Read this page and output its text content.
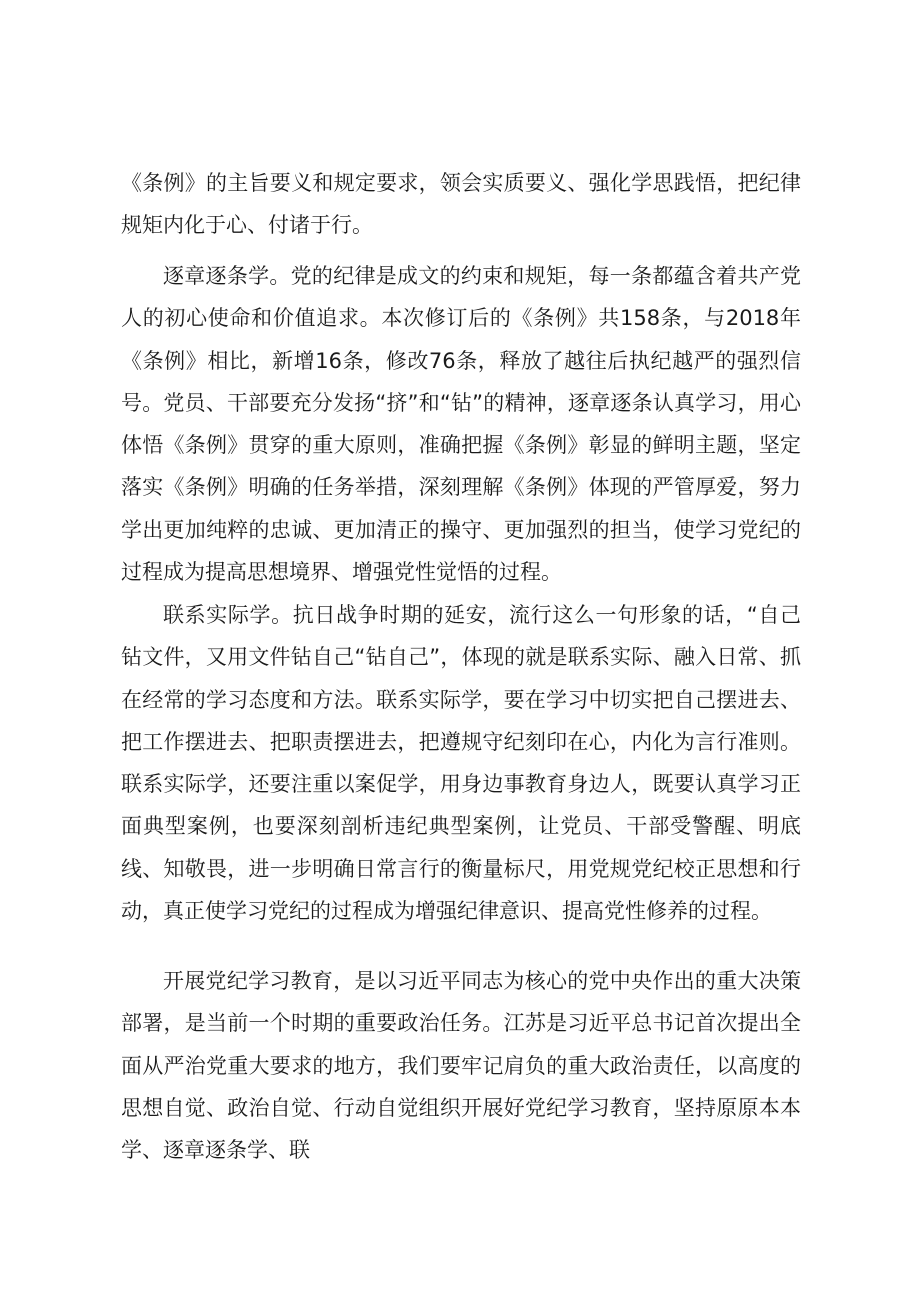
《条例》的主旨要义和规定要求，领会实质要义、强化学思践悟，把纪律规矩内化于心、付诸于行。

逐章逐条学。党的纪律是成文的约束和规矩，每一条都蕴含着共产党人的初心使命和价值追求。本次修订后的《条例》共158条，与2018年《条例》相比，新增16条，修改76条，释放了越往后执纪越严的强烈信号。党员、干部要充分发扬“挤”和“钻”的精神，逐章逐条认真学习，用心体悟《条例》贯穿的重大原则，准确把握《条例》彰显的鲜明主题，坚定落实《条例》明确的任务举措，深刻理解《条例》体现的严管厚爱，努力学出更加纯粹的忠诚、更加清正的操守、更加强烈的担当，使学习党纪的过程成为提高思想境界、增强党性觉悟的过程。

联系实际学。抗日战争时期的延安，流行这么一句形象的话，“自己钻文件，又用文件钻自己“钻自己”，体现的就是联系实际、融入日常、抓在经常的学习态度和方法。联系实际学，要在学习中切实把自己摆进去、把工作摆进去、把职责摆进去，把遵规守纪刻印在心，内化为言行准则。联系实际学，还要注重以案促学，用身边事教育身边人，既要认真学习正面典型案例，也要深刻剖析违纪典型案例，让党员、干部受警醒、明底线、知敬畏，进一步明确日常言行的衡量标尺，用党规党纪校正思想和行动，真正使学习党纪的过程成为增强纪律意识、提高党性修养的过程。

开展党纪学习教育，是以习近平同志为核心的党中央作出的重大决策部署，是当前一个时期的重要政治任务。江苏是习近平总书记首次提出全面从严治党重大要求的地方，我们要牢记肩负的重大政治责任，以高度的思想自觉、政治自觉、行动自觉组织开展好党纪学习教育，坚持原原本本学、逐章逐条学、联
